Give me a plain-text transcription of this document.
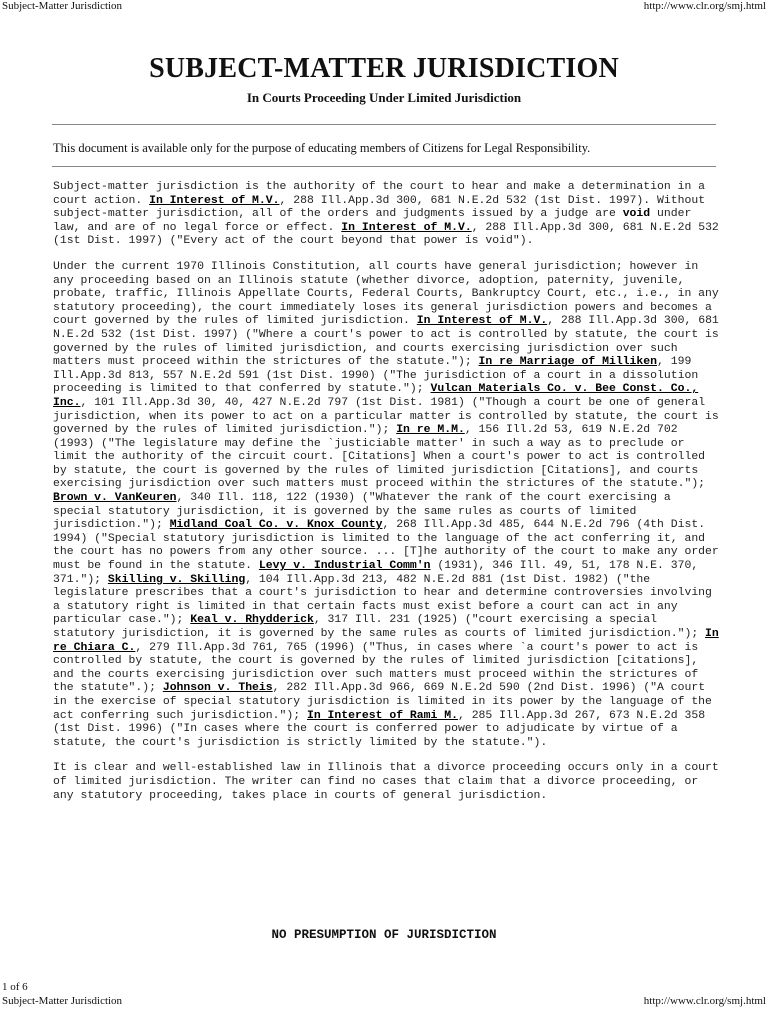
Subject-Matter Jurisdiction	http://www.clr.org/smj.html
SUBJECT-MATTER JURISDICTION
In Courts Proceeding Under Limited Jurisdiction
This document is available only for the purpose of educating members of Citizens for Legal Responsibility.

Subject-matter jurisdiction is the authority of the court to hear and make a determination in a court action. In Interest of M.V., 288 Ill.App.3d 300, 681 N.E.2d 532 (1st Dist. 1997). Without subject-matter jurisdiction, all of the orders and judgments issued by a judge are void under law, and are of no legal force or effect. In Interest of M.V., 288 Ill.App.3d 300, 681 N.E.2d 532 (1st Dist. 1997) ("Every act of the court beyond that power is void").

Under the current 1970 Illinois Constitution, all courts have general jurisdiction; however in any proceeding based on an Illinois statute (whether divorce, adoption, paternity, juvenile, probate, traffic, Illinois Appellate Courts, Federal Courts, Bankruptcy Court, etc., i.e., in any statutory proceeding), the court immediately loses its general jurisdiction powers and becomes a court governed by the rules of limited jurisdiction. In Interest of M.V., 288 Ill.App.3d 300, 681 N.E.2d 532 (1st Dist. 1997) ("Where a court's power to act is controlled by statute, the court is governed by the rules of limited jurisdiction, and courts exercising jurisdiction over such matters must proceed within the strictures of the statute."); In re Marriage of Milliken, 199 Ill.App.3d 813, 557 N.E.2d 591 (1st Dist. 1990) ("The jurisdiction of a court in a dissolution proceeding is limited to that conferred by statute."); Vulcan Materials Co. v. Bee Const. Co., Inc., 101 Ill.App.3d 30, 40, 427 N.E.2d 797 (1st Dist. 1981) ("Though a court be one of general jurisdiction, when its power to act on a particular matter is controlled by statute, the court is governed by the rules of limited jurisdiction."); In re M.M., 156 Ill.2d 53, 619 N.E.2d 702 (1993) ("The legislature may define the `justiciable matter' in such a way as to preclude or limit the authority of the circuit court. [Citations] When a court's power to act is controlled by statute, the court is governed by the rules of limited jurisdiction [Citations], and courts exercising jurisdiction over such matters must proceed within the strictures of the statute."); Brown v. VanKeuren, 340 Ill. 118, 122 (1930) ("Whatever the rank of the court exercising a special statutory jurisdiction, it is governed by the same rules as courts of limited jurisdiction."); Midland Coal Co. v. Knox County, 268 Ill.App.3d 485, 644 N.E.2d 796 (4th Dist. 1994) ("Special statutory jurisdiction is limited to the language of the act conferring it, and the court has no powers from any other source. ... [T]he authority of the court to make any order must be found in the statute. Levy v. Industrial Comm'n (1931), 346 Ill. 49, 51, 178 N.E. 370, 371."); Skilling v. Skilling, 104 Ill.App.3d 213, 482 N.E.2d 881 (1st Dist. 1982) ("the legislature prescribes that a court's jurisdiction to hear and determine controversies involving a statutory right is limited in that certain facts must exist before a court can act in any particular case."); Keal v. Rhydderick, 317 Ill. 231 (1925) ("court exercising a special statutory jurisdiction, it is governed by the same rules as courts of limited jurisdiction."); In re Chiara C., 279 Ill.App.3d 761, 765 (1996) ("Thus, in cases where `a court's power to act is controlled by statute, the court is governed by the rules of limited jurisdiction [citations], and the courts exercising jurisdiction over such matters must proceed within the strictures of the statute".); Johnson v. Theis, 282 Ill.App.3d 966, 669 N.E.2d 590 (2nd Dist. 1996) ("A court in the exercise of special statutory jurisdiction is limited in its power by the language of the act conferring such jurisdiction."); In Interest of Rami M., 285 Ill.App.3d 267, 673 N.E.2d 358 (1st Dist. 1996) ("In cases where the court is conferred power to adjudicate by virtue of a statute, the court's jurisdiction is strictly limited by the statute.").

It is clear and well-established law in Illinois that a divorce proceeding occurs only in a court of limited jurisdiction. The writer can find no cases that claim that a divorce proceeding, or any statutory proceeding, takes place in courts of general jurisdiction.

NO PRESUMPTION OF JURISDICTION
1 of 6
Subject-Matter Jurisdiction	http://www.clr.org/smj.html
